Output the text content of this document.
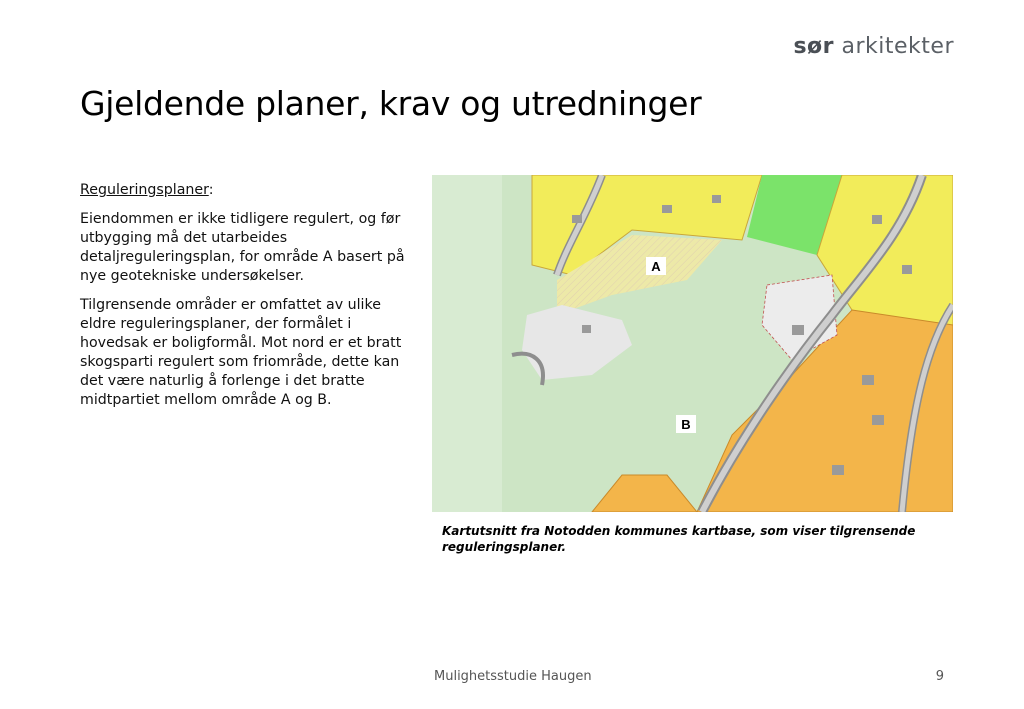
sør arkitekter
Gjeldende planer, krav og utredninger

Reguleringsplaner:

Eiendommen er ikke tidligere regulert, og før utbygging må det utarbeides detaljreguleringsplan, for område A basert på nye geotekniske undersøkelser.

Tilgrensende områder er omfattet av ulike eldre reguleringsplaner, der formålet i hovedsak er boligformål. Mot nord er et bratt skogsparti regulert som friområde, dette kan det være naturlig å forlenge i det bratte midtpartiet mellom område A og B.

A
B
Kartutsnitt fra Notodden kommunes kartbase, som viser tilgrensende reguleringsplaner.
Mulighetsstudie Haugen	9
